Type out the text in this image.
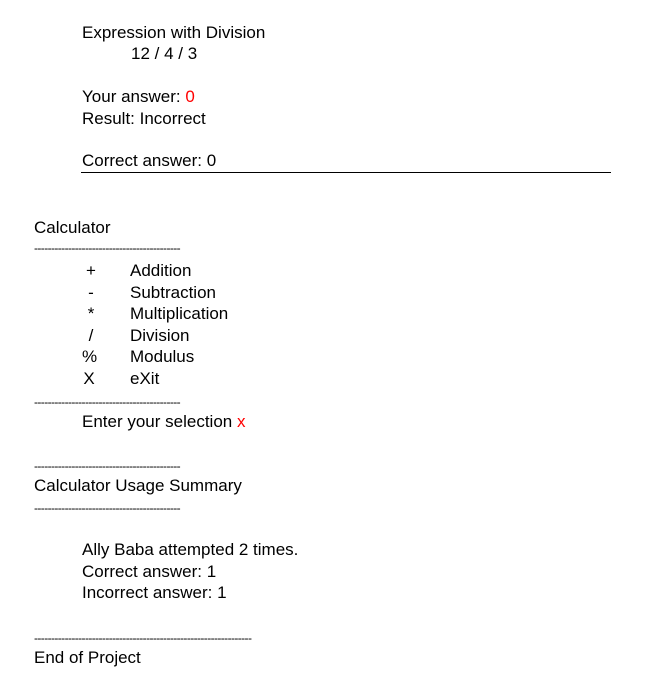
Expression with Division
12 / 4 / 3
Your answer: 0
Result: Incorrect
Correct answer: 0
Calculator
-------------------------------------------
+ Addition
- Subtraction
* Multiplication
/ Division
% Modulus
X eXit
-------------------------------------------
Enter your selection x
-------------------------------------------
Calculator Usage Summary
-------------------------------------------
Ally Baba attempted 2 times.
Correct answer: 1
Incorrect answer: 1
----------------------------------------------------------------
End of Project
